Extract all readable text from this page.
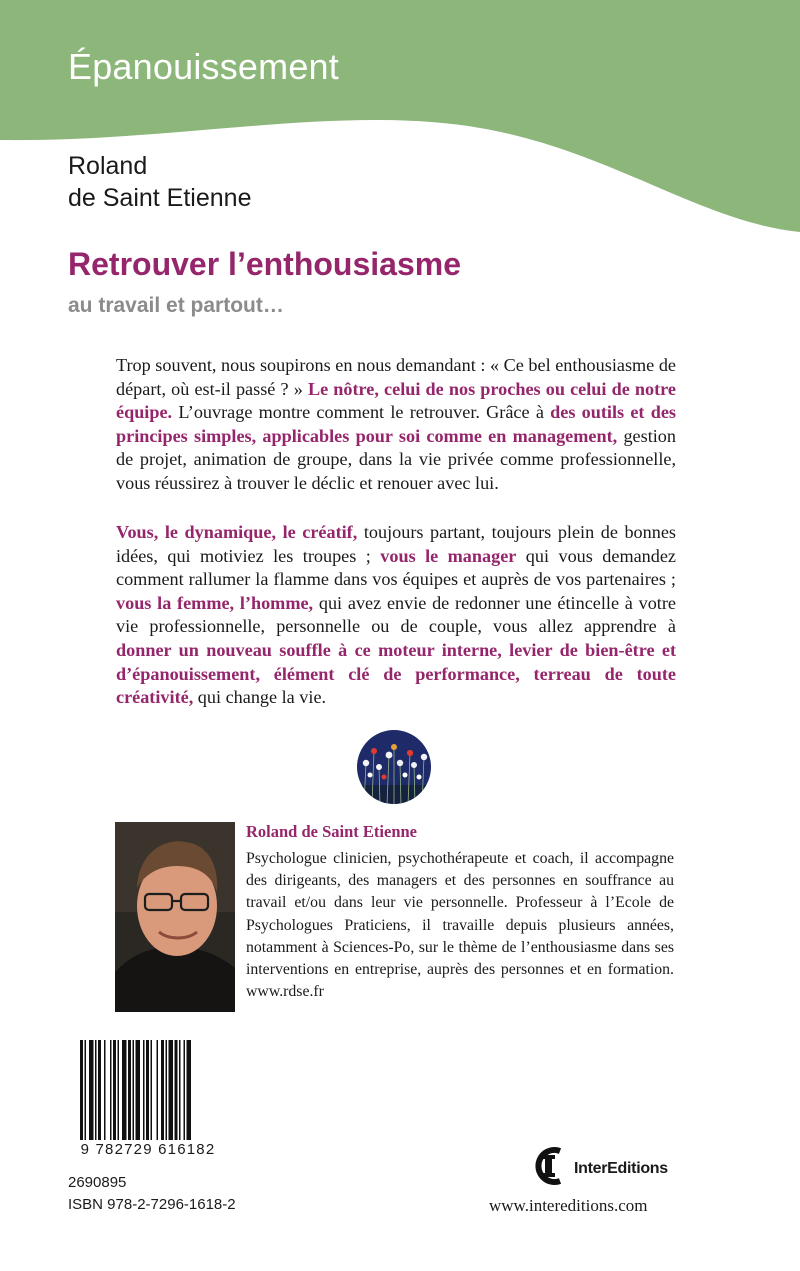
Épanouissement
Roland
de Saint Etienne
Retrouver l’enthousiasme
au travail et partout…

Trop souvent, nous soupirons en nous demandant : « Ce bel enthousiasme de départ, où est-il passé ? » Le nôtre, celui de nos proches ou celui de notre équipe. L’ouvrage montre comment le retrouver. Grâce à des outils et des principes simples, applicables pour soi comme en management, gestion de projet, animation de groupe, dans la vie privée comme professionnelle, vous réussirez à trouver le déclic et renouer avec lui.

Vous, le dynamique, le créatif, toujours partant, toujours plein de bonnes idées, qui motiviez les troupes ; vous le manager qui vous demandez comment rallumer la flamme dans vos équipes et auprès de vos partenaires ; vous la femme, l’homme, qui avez envie de redonner une étincelle à votre vie professionnelle, personnelle ou de couple, vous allez apprendre à donner un nouveau souffle à ce moteur interne, levier de bien-être et d’épanouissement, élément clé de performance, terreau de toute créativité, qui change la vie.

Roland de Saint Etienne

Psychologue clinicien, psychothérapeute et coach, il accompagne des dirigeants, des managers et des personnes en souffrance au travail et/ou dans leur vie personnelle. Professeur à l’Ecole de Psychologues Praticiens, il travaille depuis plusieurs années, notamment à Sciences-Po, sur le thème de l’enthousiasme dans ses interventions en entreprise, auprès des personnes et en formation. www.rdse.fr

9 782729 616182
2690895
ISBN 978-2-7296-1618-2
InterEditions
www.intereditions.com
